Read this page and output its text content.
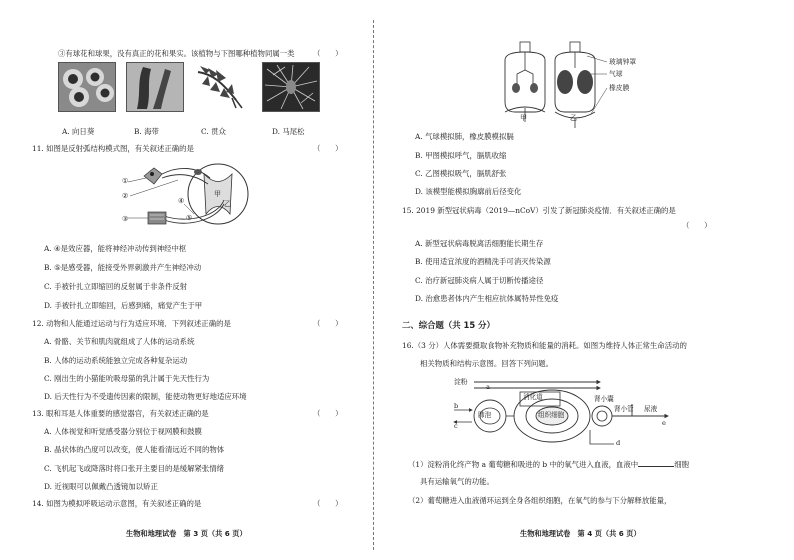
③有球花和球果，没有真正的花和果实。该植物与下图哪种植物同属一类 （　　）
A. 向日葵	B. 海带	C. 贯众	D. 马尾松
11. 如图是反射弧结构模式图，有关叙述正确的是	（　　）
①
②
③
④
⑤
甲
乙
A. ④是效应器，能将神经冲动传到神经中枢
B. ⑤是感受器，能接受外界刺激并产生神经冲动
C. 手被针扎立即缩回的反射属于非条件反射
D. 手被针扎立即缩回，后感到痛，痛觉产生于甲
12. 动物和人能通过运动与行为适应环境．下列叙述正确的是	（　　）
A. 骨骼、关节和肌肉就组成了人体的运动系统
B. 人体的运动系统能独立完成各种复杂运动
C. 刚出生的小猫能吮吸母猫的乳汁属于先天性行为
D. 后天性行为不受遗传因素的限制，能使动物更好地适应环境
13. 眼和耳是人体重要的感觉器官，有关叙述正确的是	（　　）
A. 人体视觉和听觉感受器分别位于视网膜和鼓膜
B. 晶状体的凸度可以改变，使人能看清远近不同的物体
C. 飞机起飞或降落时将口张开主要目的是缓解紧张情绪
D. 近视眼可以佩戴凸透镜加以矫正
14. 如图为模拟呼吸运动示意图，有关叙述正确的是	（　　）
生物和地理试卷　第 3 页（共 6 页）
玻璃钟罩
气球
橡皮膜
甲	乙
A. 气球模拟肺，橡皮膜模拟膈
B. 甲图模拟呼气，膈肌收缩
C. 乙图模拟吸气，膈肌舒张
D. 该模型能模拟胸廓前后径变化
15. 2019 新型冠状病毒（2019—nCoV）引发了新冠肺炎疫情．有关叙述正确的是
（　　）
A. 新型冠状病毒脱离活细胞能长期生存
B. 使用适宜浓度的酒精洗手可消灭传染源
C. 治疗新冠肺炎病人属于切断传播途径
D. 治愈患者体内产生相应抗体属特异性免疫
二、综合题（共 15 分）
16.（3 分）人体需要摄取食物补充物质和能量的消耗。如图为维持人体正常生命活动的
相关物质和结构示意图。回答下列问题。
淀粉
消化道
肺泡	组织细胞
肾小囊
肾小管 尿液
a
b
c
d
e
（1）淀粉消化终产物 a 葡萄糖和吸进的 b 中的氧气进入血液，血液中	细胞
具有运输氧气的功能。
（2）葡萄糖进入血液循环运到全身各组织细胞，在氧气的参与下分解释放能量，
生物和地理试卷　第 4 页（共 6 页）
